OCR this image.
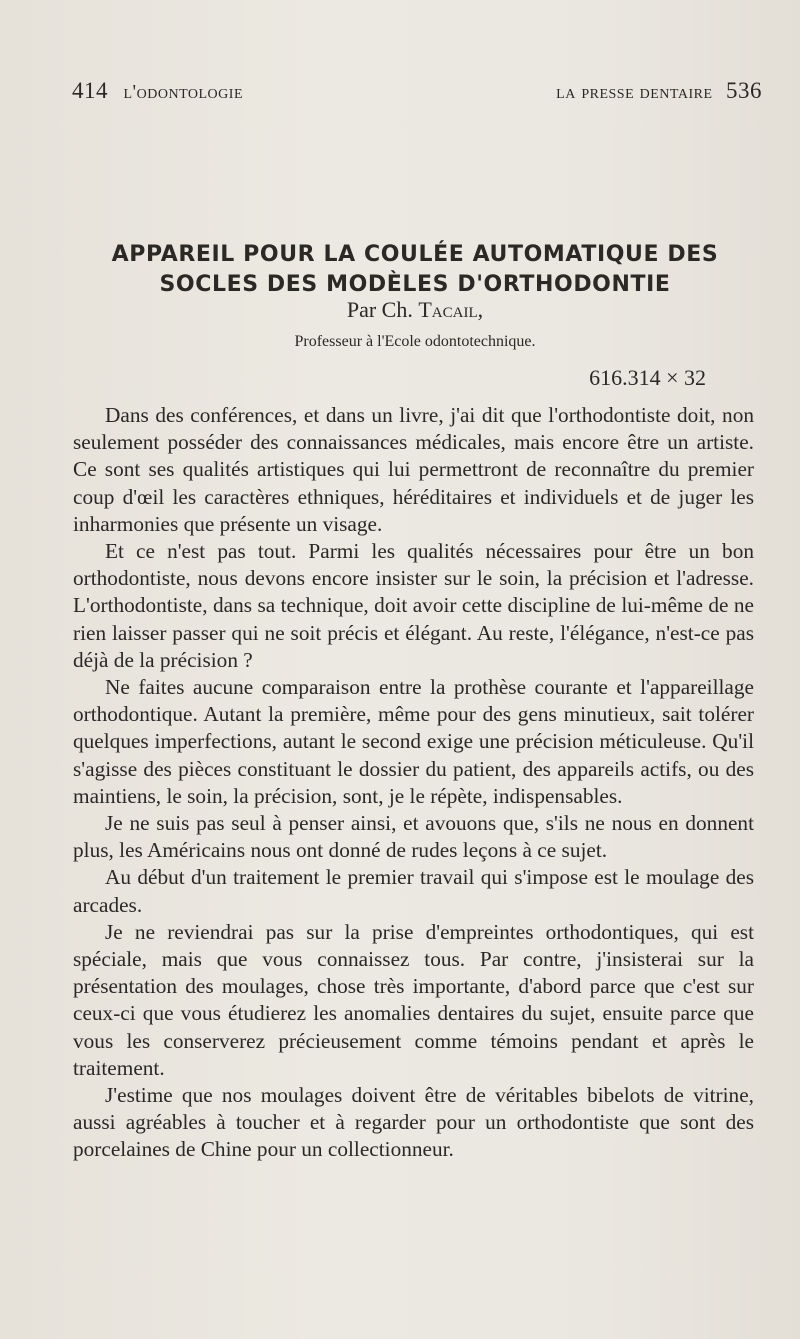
414 l'odontologie	la presse dentaire 536
APPAREIL POUR LA COULÉE AUTOMATIQUE DES
SOCLES DES MODÈLES D'ORTHODONTIE
Par Ch. Tacail,
Professeur à l'Ecole odontotechnique.
616.314 × 32

Dans des conférences, et dans un livre, j'ai dit que l'orthodontiste doit, non seulement posséder des connaissances médicales, mais encore être un artiste. Ce sont ses qualités artistiques qui lui permettront de reconnaître du premier coup d'œil les caractères ethniques, héréditaires et individuels et de juger les inharmonies que présente un visage.

Et ce n'est pas tout. Parmi les qualités nécessaires pour être un bon orthodontiste, nous devons encore insister sur le soin, la précision et l'adresse. L'orthodontiste, dans sa technique, doit avoir cette discipline de lui-même de ne rien laisser passer qui ne soit précis et élégant. Au reste, l'élégance, n'est-ce pas déjà de la précision ?

Ne faites aucune comparaison entre la prothèse courante et l'appareillage orthodontique. Autant la première, même pour des gens minutieux, sait tolérer quelques imperfections, autant le second exige une précision méticuleuse. Qu'il s'agisse des pièces constituant le dossier du patient, des appareils actifs, ou des maintiens, le soin, la précision, sont, je le répète, indispensables.

Je ne suis pas seul à penser ainsi, et avouons que, s'ils ne nous en donnent plus, les Américains nous ont donné de rudes leçons à ce sujet.

Au début d'un traitement le premier travail qui s'impose est le moulage des arcades.

Je ne reviendrai pas sur la prise d'empreintes orthodontiques, qui est spéciale, mais que vous connaissez tous. Par contre, j'insisterai sur la présentation des moulages, chose très importante, d'abord parce que c'est sur ceux-ci que vous étudierez les anomalies dentaires du sujet, ensuite parce que vous les conserverez précieusement comme témoins pendant et après le traitement.

J'estime que nos moulages doivent être de véritables bibelots de vitrine, aussi agréables à toucher et à regarder pour un orthodontiste que sont des porcelaines de Chine pour un collectionneur.
